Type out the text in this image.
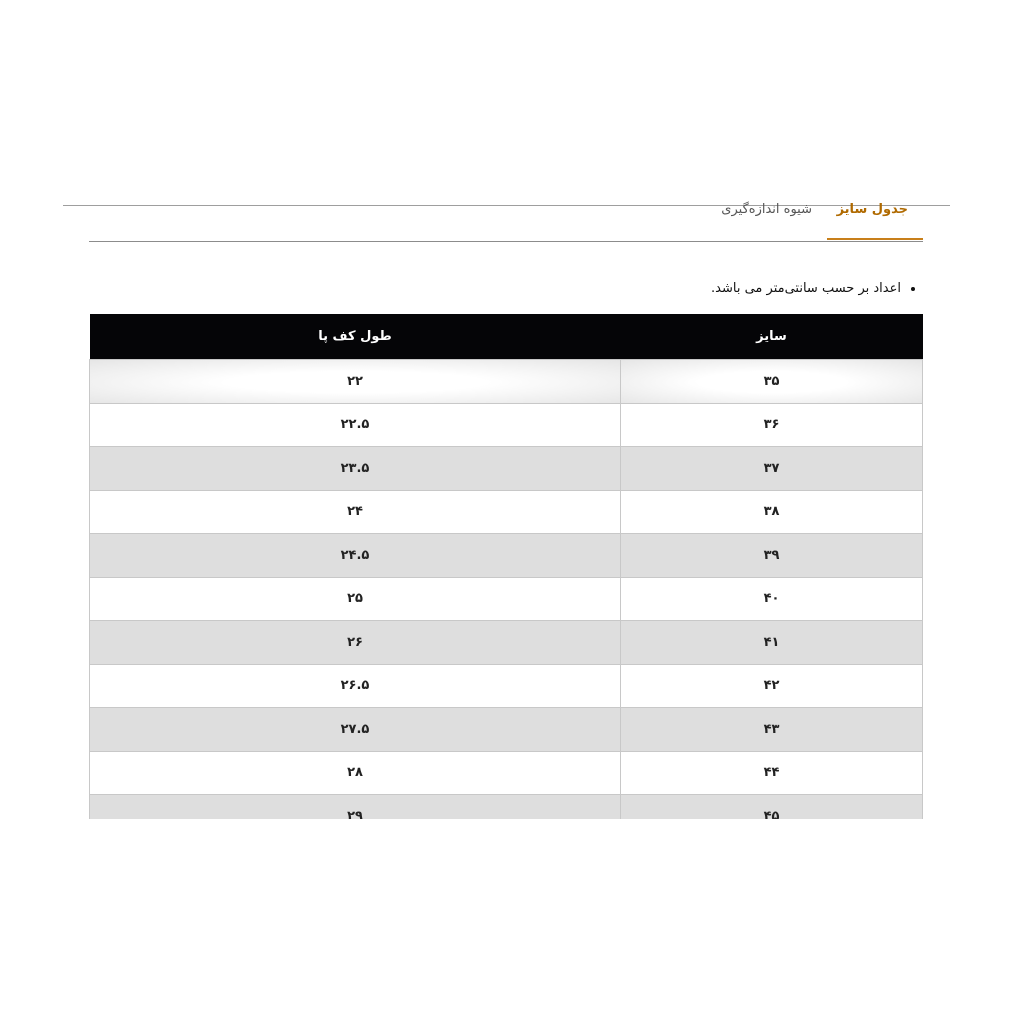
جدول سایز
شیوه اندازه‌گیری
• اعداد بر حسب سانتی‌متر می باشد.
سایز	طول کف پا
۳۵	۲۲
۳۶	۲۲.۵
۳۷	۲۳.۵
۳۸	۲۴
۳۹	۲۴.۵
۴۰	۲۵
۴۱	۲۶
۴۲	۲۶.۵
۴۳	۲۷.۵
۴۴	۲۸
۴۵	۲۹
